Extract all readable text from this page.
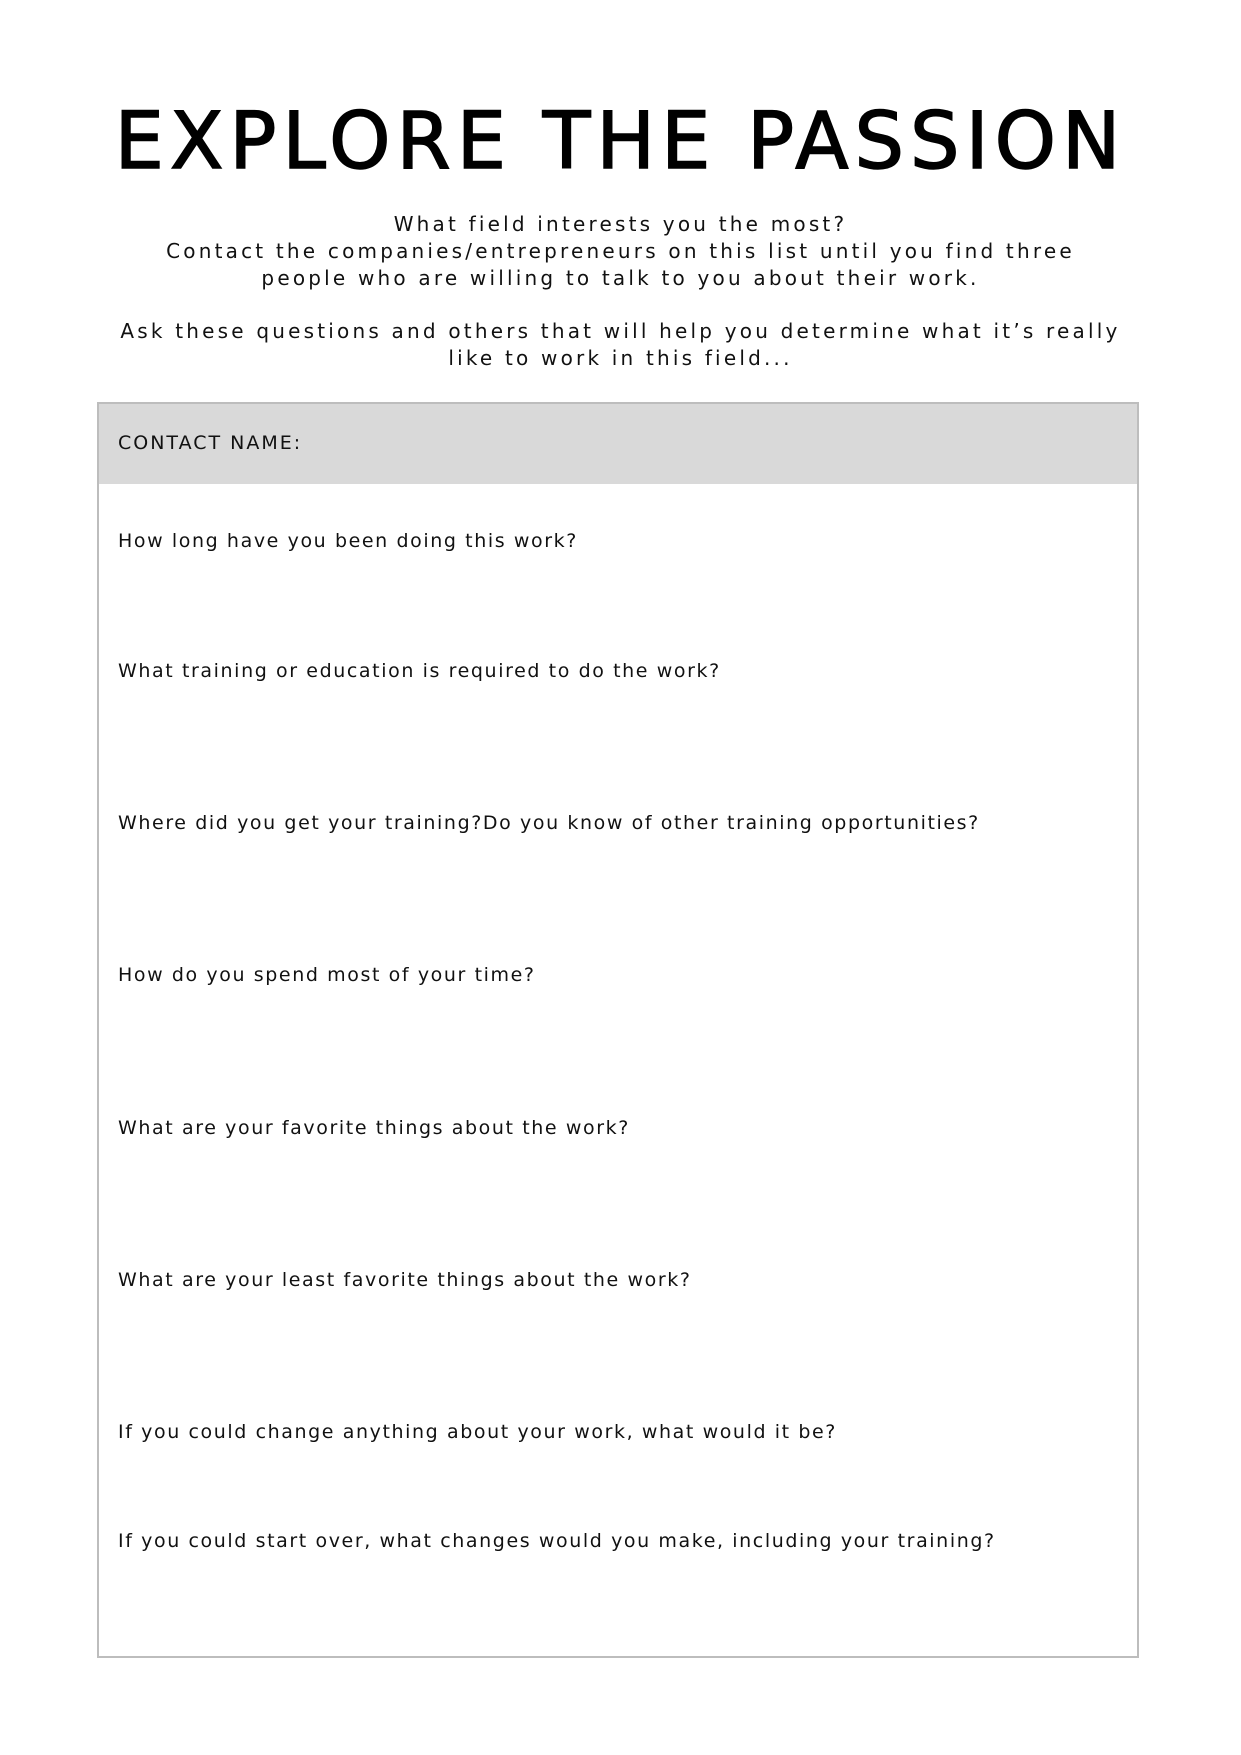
EXPLORE THE PASSION
What field interests you the most?
Contact the companies/entrepreneurs on this list until you find three
people who are willing to talk to you about their work.
Ask these questions and others that will help you determine what it’s really
like to work in this field...
CONTACT NAME:
How long have you been doing this work?
What training or education is required to do the work?
Where did you get your training?Do you know of other training opportunities?
How do you spend most of your time?
What are your favorite things about the work?
What are your least favorite things about the work?
If you could change anything about your work, what would it be?
If you could start over, what changes would you make, including your training?
